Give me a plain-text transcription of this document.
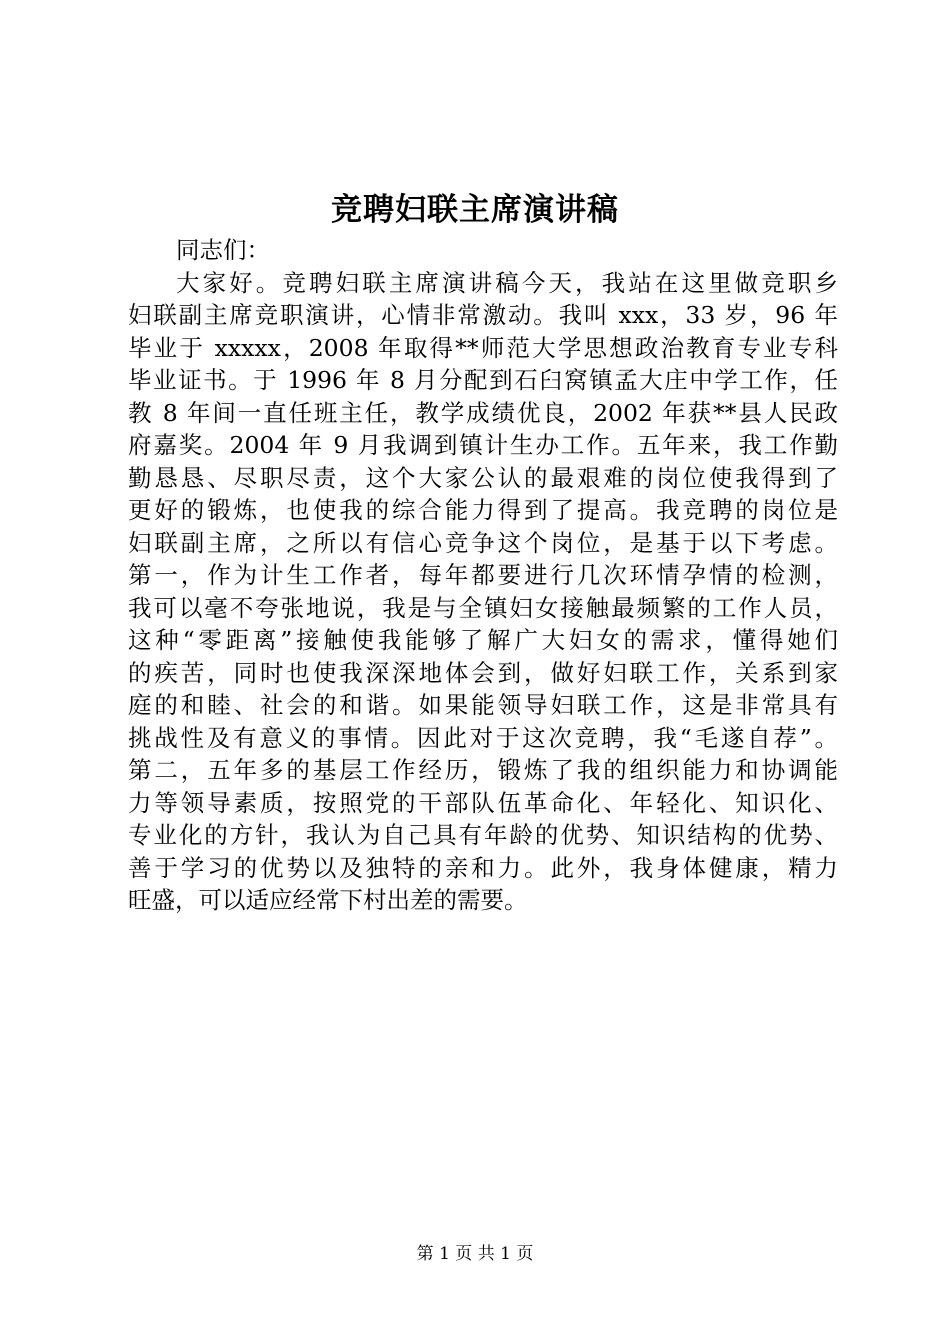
竞聘妇联主席演讲稿
同志们：
大家好。竞聘妇联主席演讲稿今天，我站在这里做竞职乡
妇联副主席竞职演讲，心情非常激动。我叫 xxx，33 岁，96 年
毕业于 xxxxx，2008 年取得**师范大学思想政治教育专业专科
毕业证书。于 1996 年 8 月分配到石臼窝镇孟大庄中学工作，任
教 8 年间一直任班主任，教学成绩优良，2002 年获**县人民政
府嘉奖。2004 年 9 月我调到镇计生办工作。五年来，我工作勤
勤恳恳、尽职尽责，这个大家公认的最艰难的岗位使我得到了
更好的锻炼，也使我的综合能力得到了提高。我竞聘的岗位是
妇联副主席，之所以有信心竞争这个岗位，是基于以下考虑。
第一，作为计生工作者，每年都要进行几次环情孕情的检测，
我可以毫不夸张地说，我是与全镇妇女接触最频繁的工作人员，
这种“零距离”接触使我能够了解广大妇女的需求，懂得她们
的疾苦，同时也使我深深地体会到，做好妇联工作，关系到家
庭的和睦、社会的和谐。如果能领导妇联工作，这是非常具有
挑战性及有意义的事情。因此对于这次竞聘，我“毛遂自荐”。
第二，五年多的基层工作经历，锻炼了我的组织能力和协调能
力等领导素质，按照党的干部队伍革命化、年轻化、知识化、
专业化的方针，我认为自己具有年龄的优势、知识结构的优势、
善于学习的优势以及独特的亲和力。此外，我身体健康，精力
旺盛，可以适应经常下村出差的需要。
第 1 页 共 1 页
